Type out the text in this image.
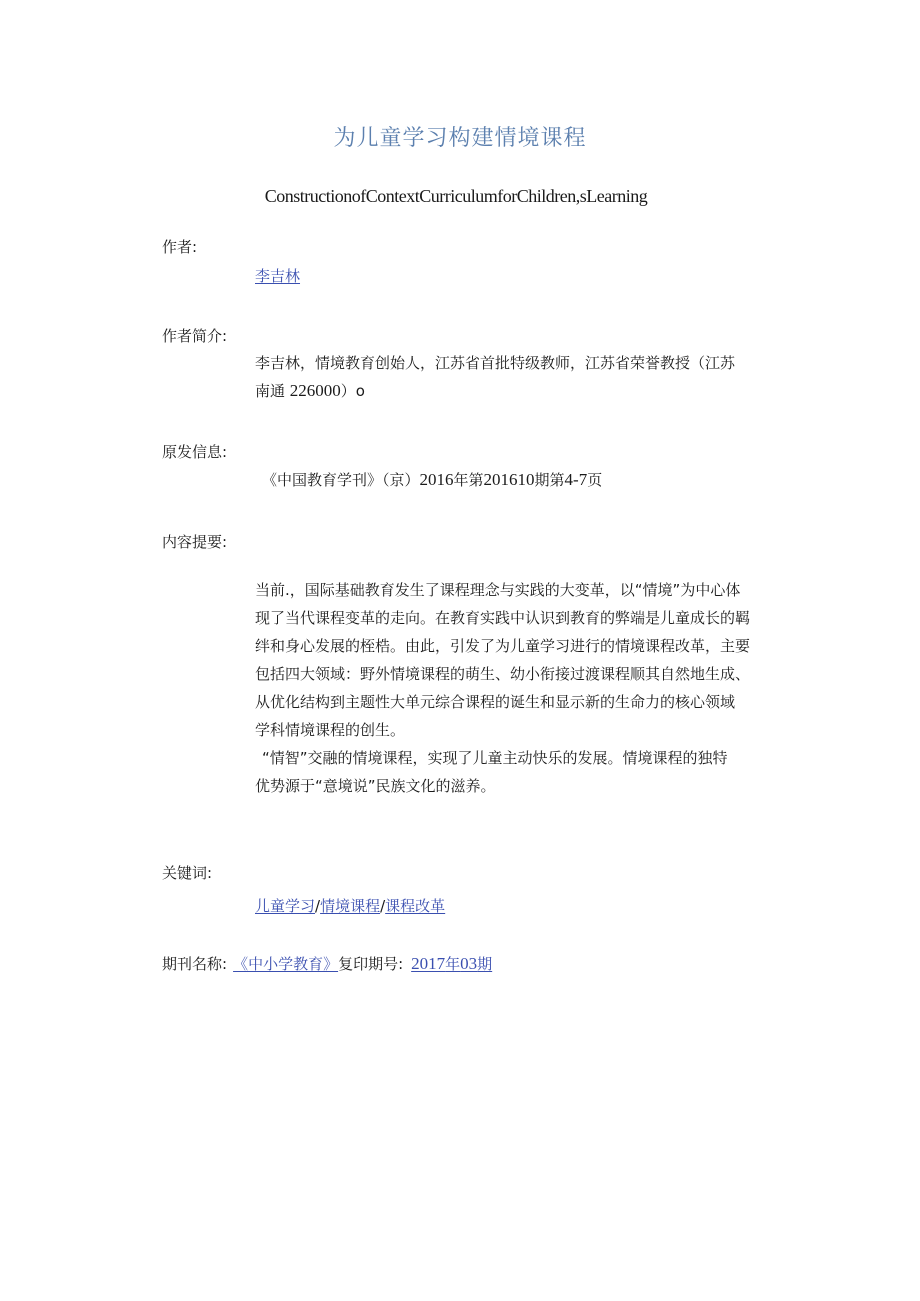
为儿童学习构建情境课程
ConstructionofContextCurriculumforChildren,sLearning
作者:
李吉林
作者简介:
李吉林，情境教育创始人，江苏省首批特级教师，江苏省荣誉教授（江苏
南通 226000）o
原发信息:
《中国教育学刊》（京）2016年第201610期第4-7页
内容提要:

当前.，国际基础教育发生了课程理念与实践的大变革，以“情境”为中心体

现了当代课程变革的走向。在教育实践中认识到教育的弊端是儿童成长的羁

绊和身心发展的桎梏。由此，引发了为儿童学习进行的情境课程改革，主要

包括四大领域：野外情境课程的萌生、幼小衔接过渡课程顺其自然地生成、

从优化结构到主题性大单元综合课程的诞生和显示新的生命力的核心领域

学科情境课程的创生。

“情智”交融的情境课程，实现了儿童主动快乐的发展。情境课程的独特

优势源于“意境说”民族文化的滋养。

关键词:
儿童学习/情境课程/课程改革
期刊名称: 《中小学教育》复印期号: 2017年03期
